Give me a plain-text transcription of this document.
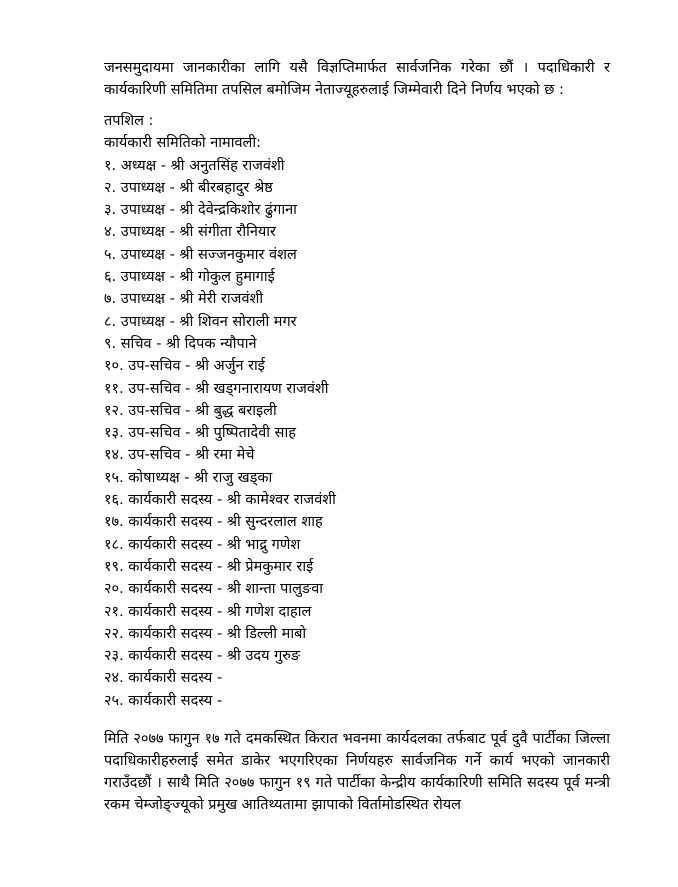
जनसमुदायमा जानकारीका लागि यसै विज्ञप्तिमार्फत सार्वजनिक गरेका छौं । पदाधिकारी र कार्यकारिणी समितिमा तपसिल बमोजिम नेताज्यूहरुलाई जिम्मेवारी दिने निर्णय भएको छ :

तपशिल :
कार्यकारी समितिको नामावली:
१. अध्यक्ष - श्री अनुतसिंह राजवंशी
२. उपाध्यक्ष - श्री बीरबहादुर श्रेष्ठ
३. उपाध्यक्ष - श्री देवेन्द्रकिशोर ढुंगाना
४. उपाध्यक्ष - श्री संगीता रौनियार
५. उपाध्यक्ष - श्री सज्जनकुमार वंशल
६. उपाध्यक्ष - श्री गोकुल हुमागाई
७. उपाध्यक्ष - श्री मेरी राजवंशी
८. उपाध्यक्ष - श्री शिवन सोराली मगर
९. सचिव - श्री दिपक न्यौपाने
१०. उप-सचिव - श्री अर्जुन राई
११. उप-सचिव - श्री खड्गनारायण राजवंशी
१२. उप-सचिव - श्री बुद्ध बराइली
१३. उप-सचिव - श्री पुष्पितादेवी साह
१४. उप-सचिव - श्री रमा मेचे
१५. कोषाध्यक्ष - श्री राजु खड्का
१६. कार्यकारी सदस्य - श्री कामेश्वर राजवंशी
१७. कार्यकारी सदस्य - श्री सुन्दरलाल शाह
१८. कार्यकारी सदस्य - श्री भाद्रु गणेश
१९. कार्यकारी सदस्य - श्री प्रेमकुमार राई
२०. कार्यकारी सदस्य - श्री शान्ता पालुङवा
२१. कार्यकारी सदस्य - श्री गणेश दाहाल
२२. कार्यकारी सदस्य - श्री डिल्ली माबो
२३. कार्यकारी सदस्य - श्री उदय गुरुङ
२४. कार्यकारी सदस्य -
२५. कार्यकारी सदस्य -

मिति २०७७ फागुन १७ गते दमकस्थित किरात भवनमा कार्यदलका तर्फबाट पूर्व दुवै पार्टीका जिल्ला पदाधिकारीहरुलाई समेत डाकेर भएगरिएका निर्णयहरु सार्वजनिक गर्ने कार्य भएको जानकारी गराउँदछौं । साथै मिति २०७७ फागुन १९ गते पार्टीका केन्द्रीय कार्यकारिणी समिति सदस्य पूर्व मन्त्री रकम चेम्जोङ्ज्यूको प्रमुख आतिथ्यतामा झापाको विर्तामोडस्थित रोयल
